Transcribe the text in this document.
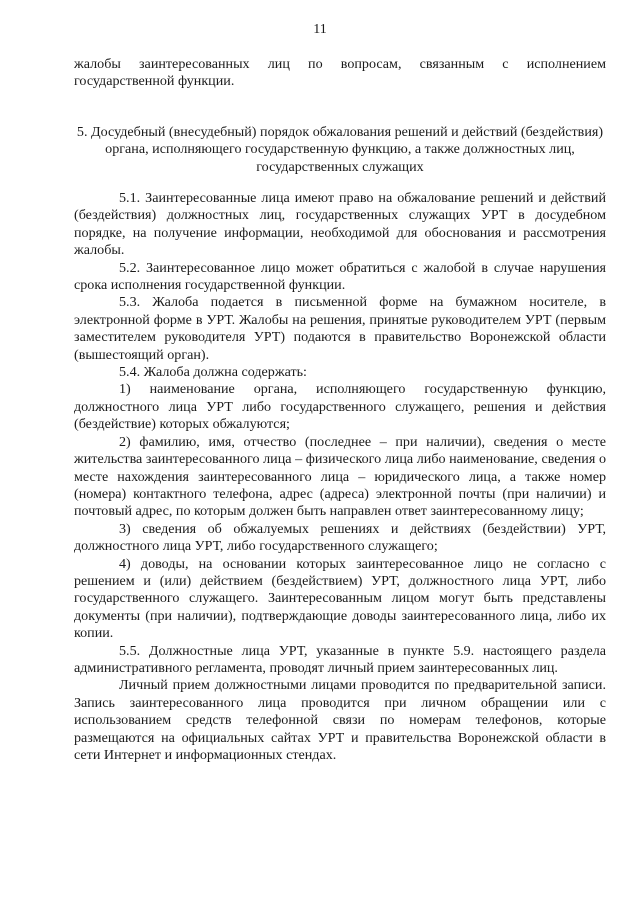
11

жалобы заинтересованных лиц по вопросам, связанным с исполнением государственной функции.

5. Досудебный (внесудебный) порядок обжалования решений и действий (бездействия) органа, исполняющего государственную функцию, а также должностных лиц, государственных служащих

5.1. Заинтересованные лица имеют право на обжалование решений и действий (бездействия) должностных лиц, государственных служащих УРТ в досудебном порядке, на получение информации, необходимой для обоснования и рассмотрения жалобы.

5.2. Заинтересованное лицо может обратиться с жалобой в случае нарушения срока исполнения государственной функции.

5.3. Жалоба подается в письменной форме на бумажном носителе, в электронной форме в УРТ. Жалобы на решения, принятые руководителем УРТ (первым заместителем руководителя УРТ) подаются в правительство Воронежской области (вышестоящий орган).

5.4. Жалоба должна содержать:

1) наименование органа, исполняющего государственную функцию, должностного лица УРТ либо государственного служащего, решения и действия (бездействие) которых обжалуются;

2) фамилию, имя, отчество (последнее – при наличии), сведения о месте жительства заинтересованного лица – физического лица либо наименование, сведения о месте нахождения заинтересованного лица – юридического лица, а также номер (номера) контактного телефона, адрес (адреса) электронной почты (при наличии) и почтовый адрес, по которым должен быть направлен ответ заинтересованному лицу;

3) сведения об обжалуемых решениях и действиях (бездействии) УРТ, должностного лица УРТ, либо государственного служащего;

4) доводы, на основании которых заинтересованное лицо не согласно с решением и (или) действием (бездействием) УРТ, должностного лица УРТ, либо государственного служащего. Заинтересованным лицом могут быть представлены документы (при наличии), подтверждающие доводы заинтересованного лица, либо их копии.

5.5. Должностные лица УРТ, указанные в пункте 5.9. настоящего раздела административного регламента, проводят личный прием заинтересованных лиц.

Личный прием должностными лицами проводится по предварительной записи. Запись заинтересованного лица проводится при личном обращении или с использованием средств телефонной связи по номерам телефонов, которые размещаются на официальных сайтах УРТ и правительства Воронежской области в сети Интернет и информационных стендах.
